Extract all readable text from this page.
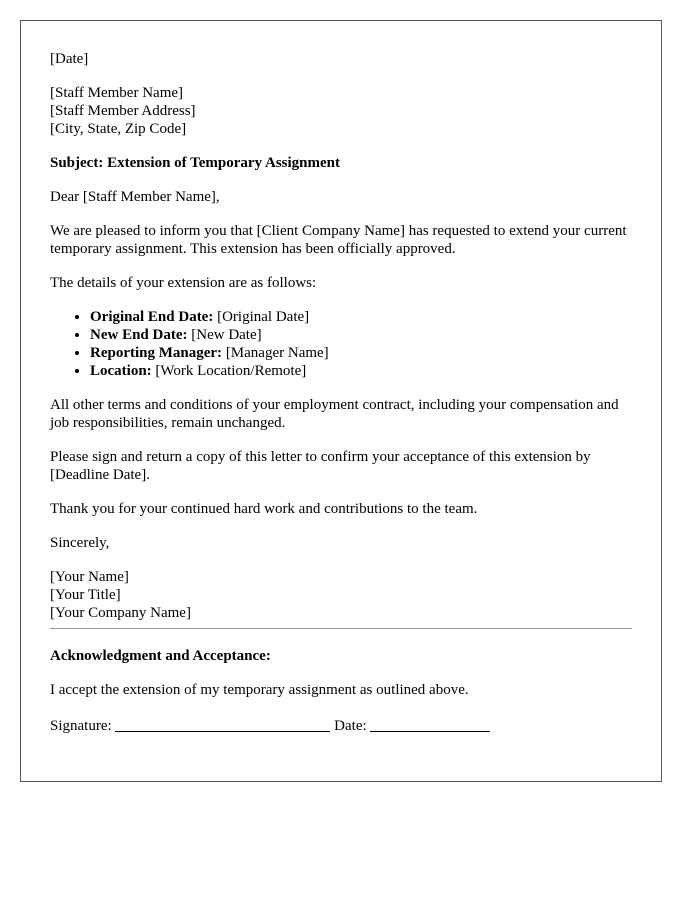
[Date]

[Staff Member Name]
[Staff Member Address]
[City, State, Zip Code]

Subject: Extension of Temporary Assignment

Dear [Staff Member Name],

We are pleased to inform you that [Client Company Name] has requested to extend your current temporary assignment. This extension has been officially approved.

The details of your extension are as follows:

• Original End Date: [Original Date]
• New End Date: [New Date]
• Reporting Manager: [Manager Name]
• Location: [Work Location/Remote]

All other terms and conditions of your employment contract, including your compensation and job responsibilities, remain unchanged.

Please sign and return a copy of this letter to confirm your acceptance of this extension by [Deadline Date].

Thank you for your continued hard work and contributions to the team.

Sincerely,

[Your Name]
[Your Title]
[Your Company Name]

Acknowledgment and Acceptance:

I accept the extension of my temporary assignment as outlined above.

Signature:	Date:
